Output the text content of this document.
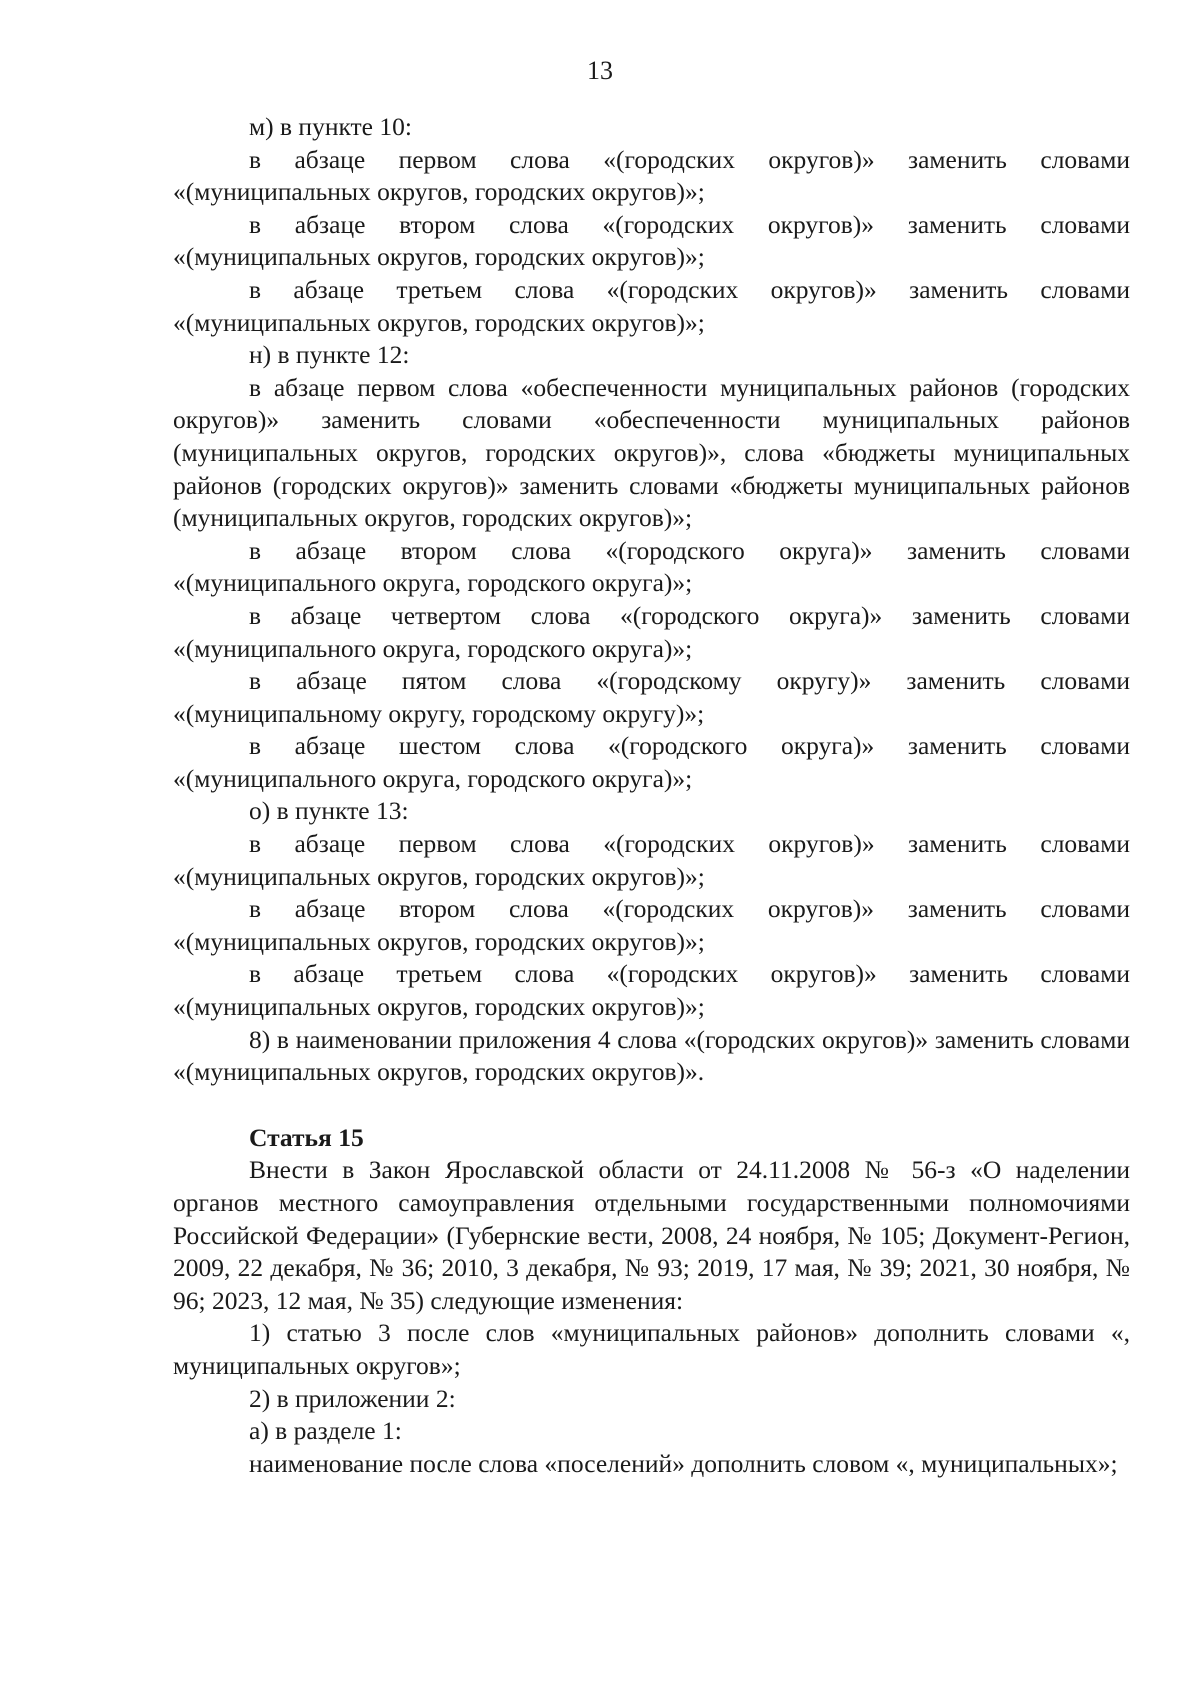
13

м) в пункте 10:

в абзаце первом слова «(городских округов)» заменить словами «(муниципальных округов, городских округов)»;

в абзаце втором слова «(городских округов)» заменить словами «(муниципальных округов, городских округов)»;

в абзаце третьем слова «(городских округов)» заменить словами «(муниципальных округов, городских округов)»;

н) в пункте 12:

в абзаце первом слова «обеспеченности муниципальных районов (городских округов)» заменить словами «обеспеченности муниципальных районов (муниципальных округов, городских округов)», слова «бюджеты муниципальных районов (городских округов)» заменить словами «бюджеты муниципальных районов (муниципальных округов, городских округов)»;

в абзаце втором слова «(городского округа)» заменить словами «(муниципального округа, городского округа)»;

в абзаце четвертом слова «(городского округа)» заменить словами «(муниципального округа, городского округа)»;

в абзаце пятом слова «(городскому округу)» заменить словами «(муниципальному округу, городскому округу)»;

в абзаце шестом слова «(городского округа)» заменить словами «(муниципального округа, городского округа)»;

о) в пункте 13:

в абзаце первом слова «(городских округов)» заменить словами «(муниципальных округов, городских округов)»;

в абзаце втором слова «(городских округов)» заменить словами «(муниципальных округов, городских округов)»;

в абзаце третьем слова «(городских округов)» заменить словами «(муниципальных округов, городских округов)»;

8) в наименовании приложения 4 слова «(городских округов)» заменить словами «(муниципальных округов, городских округов)».

Статья 15

Внести в Закон Ярославской области от 24.11.2008 № 56-з «О наделении органов местного самоуправления отдельными государственными полномочиями Российской Федерации» (Губернские вести, 2008, 24 ноября, № 105; Документ-Регион, 2009, 22 декабря, № 36; 2010, 3 декабря, № 93; 2019, 17 мая, № 39; 2021, 30 ноября, № 96; 2023, 12 мая, № 35) следующие изменения:

1) статью 3 после слов «муниципальных районов» дополнить словами «, муниципальных округов»;

2) в приложении 2:

а) в разделе 1:

наименование после слова «поселений» дополнить словом «, муниципальных»;
